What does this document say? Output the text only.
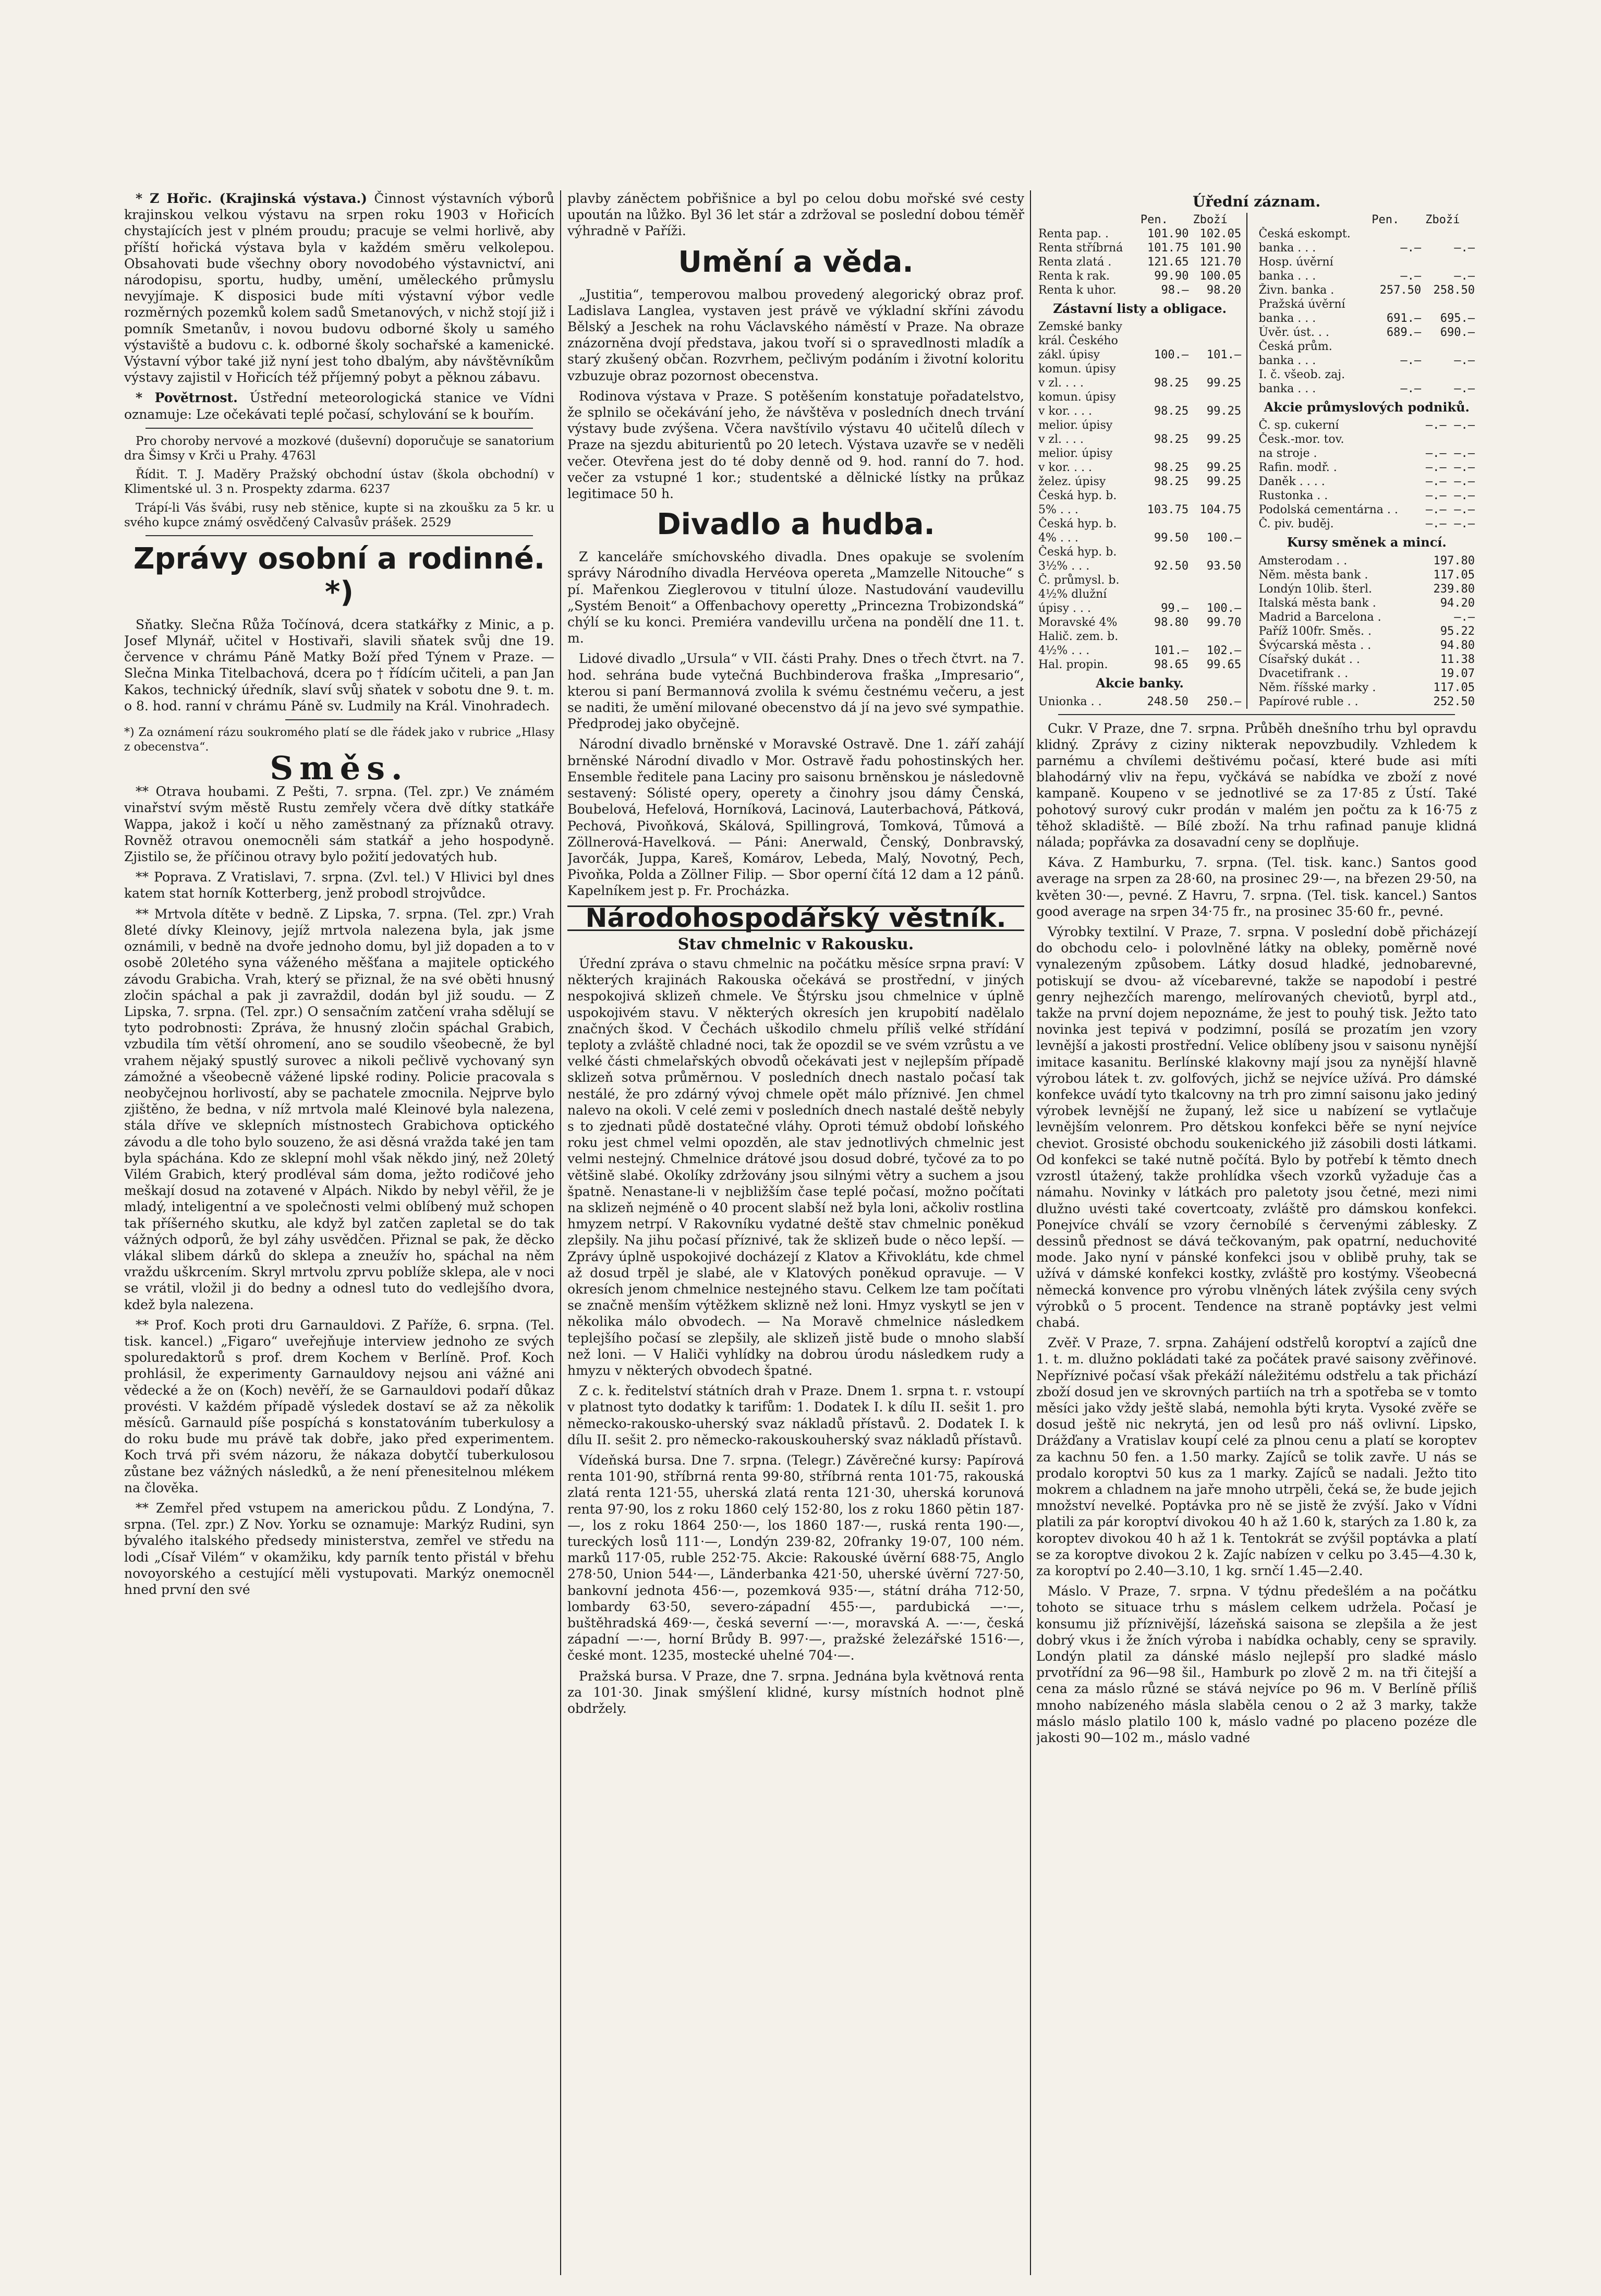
* Z Hořic. (Krajinská výstava.) Činnost výstavních výborů krajinskou velkou výstavu na srpen roku 1903 v Hořicích chystajících jest v plném proudu; pracuje se velmi horlivě, aby příští hořická výstava byla v každém směru velkolepou. Obsahovati bude všechny obory novodobého výstavnictví, ani národopisu, sportu, hudby, umění, uměleckého průmyslu nevyjímaje. K disposici bude míti výstavní výbor vedle rozměrných pozemků kolem sadů Smetanových, v nichž stojí již i pomník Smetanův, i novou budovu odborné školy u samého výstaviště a budovu c. k. odborné školy sochařské a kamenické. Výstavní výbor také již nyní jest toho dbalým, aby návštěvníkům výstavy zajistil v Hořicích též příjemný pobyt a pěknou zábavu.

* Povětrnost. Ústřední meteorologická stanice ve Vídni oznamuje: Lze očekávati teplé počasí, schylování se k bouřím.

Pro choroby nervové a mozkové (duševní) doporučuje se sanatorium dra Šimsy v Krči u Prahy. 4763l

Řídit. T. J. Maděry Pražský obchodní ústav (škola obchodní) v Klimentské ul. 3 n. Prospekty zdarma. 6237

Trápí-li Vás švábi, rusy neb stěnice, kupte si na zkoušku za 5 kr. u svého kupce známý osvědčený Calvasův prášek. 2529

Zprávy osobní a rodinné. *)

Sňatky. Slečna Růža Točínová, dcera statkářky z Minic, a p. Josef Mlynář, učitel v Hostivaři, slavili sňatek svůj dne 19. července v chrámu Páně Matky Boží před Týnem v Praze. — Slečna Minka Titelbachová, dcera po † řídícím učiteli, a pan Jan Kakos, technický úředník, slaví svůj sňatek v sobotu dne 9. t. m. o 8. hod. ranní v chrámu Páně sv. Ludmily na Král. Vinohradech.

*) Za oznámení rázu soukromého platí se dle řádek jako v rubrice „Hlasy z obecenstva“.

Směs.

** Otrava houbami. Z Pešti, 7. srpna. (Tel. zpr.) Ve známém vinařství svým městě Rustu zemřely včera dvě dítky statkáře Wappa, jakož i kočí u něho zaměstnaný za příznaků otravy. Rovněž otravou onemocněli sám statkář a jeho hospodyně. Zjistilo se, že příčinou otravy bylo požití jedovatých hub.

** Poprava. Z Vratislavi, 7. srpna. (Zvl. tel.) V Hlivici byl dnes katem stat horník Kotterberg, jenž probodl strojvůdce.

** Mrtvola dítěte v bedně. Z Lipska, 7. srpna. (Tel. zpr.) Vrah 8leté dívky Kleinovy, jejíž mrtvola nalezena byla, jak jsme oznámili, v bedně na dvoře jednoho domu, byl již dopaden a to v osobě 20letého syna váženého měšťana a majitele optického závodu Grabicha. Vrah, který se přiznal, že na své oběti hnusný zločin spáchal a pak ji zavraždil, dodán byl již soudu. — Z Lipska, 7. srpna. (Tel. zpr.) O sensačním zatčení vraha sdělují se tyto podrobnosti: Zpráva, že hnusný zločin spáchal Grabich, vzbudila tím větší ohromení, ano se soudilo všeobecně, že byl vrahem nějaký spustlý surovec a nikoli pečlivě vychovaný syn zámožné a všeobecně vážené lipské rodiny. Policie pracovala s neobyčejnou horlivostí, aby se pachatele zmocnila. Nejprve bylo zjištěno, že bedna, v níž mrtvola malé Kleinové byla nalezena, stála dříve ve sklepních místnostech Grabichova optického závodu a dle toho bylo souzeno, že asi děsná vražda také jen tam byla spáchána. Kdo ze sklepní mohl však někdo jiný, než 20letý Vilém Grabich, který prodléval sám doma, ježto rodičové jeho meškají dosud na zotavené v Alpách. Nikdo by nebyl věřil, že je mladý, inteligentní a ve společnosti velmi oblíbený muž schopen tak příšerného skutku, ale když byl zatčen zapletal se do tak vážných odporů, že byl záhy usvědčen. Přiznal se pak, že děcko vlákal slibem dárků do sklepa a zneužív ho, spáchal na něm vraždu uškrcením. Skryl mrtvolu zprvu poblíže sklepa, ale v noci se vrátil, vložil ji do bedny a odnesl tuto do vedlejšího dvora, kdež byla nalezena.

** Prof. Koch proti dru Garnauldovi. Z Paříže, 6. srpna. (Tel. tisk. kancel.) „Figaro“ uveřejňuje interview jednoho ze svých spoluredaktorů s prof. drem Kochem v Berlíně. Prof. Koch prohlásil, že experimenty Garnauldovy nejsou ani vážné ani vědecké a že on (Koch) nevěří, že se Garnauldovi podaří důkaz provésti. V každém případě výsledek dostaví se až za několik měsíců. Garnauld píše pospíchá s konstatováním tuberkulosy a do roku bude mu právě tak dobře, jako před experimentem. Koch trvá při svém názoru, že nákaza dobytčí tuberkulosou zůstane bez vážných následků, a že není přenesitelnou mlékem na člověka.

** Zemřel před vstupem na americkou půdu. Z Londýna, 7. srpna. (Tel. zpr.) Z Nov. Yorku se oznamuje: Markýz Rudini, syn bývalého italského předsedy ministerstva, zemřel ve středu na lodi „Císař Vilém“ v okamžiku, kdy parník tento přistál v břehu novoyorského a cestující měli vystupovati. Markýz onemocněl hned první den své

plavby záněctem pobřišnice a byl po celou dobu mořské své cesty upoután na lůžko. Byl 36 let stár a zdržoval se poslední dobou téměř výhradně v Paříži.

Umění a věda.

„Justitia“, temperovou malbou provedený alegorický obraz prof. Ladislava Langlea, vystaven jest právě ve výkladní skříni závodu Bělský a Jeschek na rohu Václavského náměstí v Praze. Na obraze znázorněna dvojí představa, jakou tvoří si o spravedlnosti mladík a starý zkušený občan. Rozvrhem, pečlivým podáním i životní koloritu vzbuzuje obraz pozornost obecenstva.

Rodinova výstava v Praze. S potěšením konstatuje pořadatelstvo, že splnilo se očekávání jeho, že návštěva v posledních dnech trvání výstavy bude zvýšena. Včera navštívilo výstavu 40 učitelů dílech v Praze na sjezdu abiturientů po 20 letech. Výstava uzavře se v neděli večer. Otevřena jest do té doby denně od 9. hod. ranní do 7. hod. večer za vstupné 1 kor.; studentské a dělnické lístky na průkaz legitimace 50 h.

Divadlo a hudba.

Z kanceláře smíchovského divadla. Dnes opakuje se svolením správy Národního divadla Hervéova opereta „Mamzelle Nitouche“ s pí. Mařenkou Zieglerovou v titulní úloze. Nastudování vaudevillu „Systém Benoit“ a Offenbachovy operetty „Princezna Trobizondská“ chýlí se ku konci. Premiéra vandevillu určena na pondělí dne 11. t. m.

Lidové divadlo „Ursula“ v VII. části Prahy. Dnes o třech čtvrt. na 7. hod. sehrána bude vytečná Buchbinderova fraška „Impresario“, kterou si paní Bermannová zvolila k svému čestnému večeru, a jest se naditi, že umění milované obecenstvo dá jí na jevo své sympathie. Předprodej jako obyčejně.

Národní divadlo brněnské v Moravské Ostravě. Dne 1. září zahájí brněnské Národní divadlo v Mor. Ostravě řadu pohostinských her. Ensemble ředitele pana Laciny pro saisonu brněnskou je následovně sestavený: Sólisté opery, operety a činohry jsou dámy Čenská, Boubelová, Hefelová, Horníková, Lacinová, Lauterbachová, Pátková, Pechová, Pivoňková, Skálová, Spillingrová, Tomková, Tůmová a Zöllnerová-Havelková. — Páni: Anerwald, Čenský, Donbravský, Javorčák, Juppa, Kareš, Komárov, Lebeda, Malý, Novotný, Pech, Pivoňka, Polda a Zöllner Filip. — Sbor operní čítá 12 dam a 12 pánů. Kapelníkem jest p. Fr. Procházka.

Národohospodářský věstník.
Stav chmelnic v Rakousku.

Úřední zpráva o stavu chmelnic na počátku měsíce srpna praví: V některých krajinách Rakouska očekává se prostřední, v jiných nespokojivá sklizeň chmele. Ve Štýrsku jsou chmelnice v úplně uspokojivém stavu. V některých okresích jen krupobití nadělalo značných škod. V Čechách uškodilo chmelu příliš velké střídání teploty a zvláště chladné noci, tak že opozdil se ve svém vzrůstu a ve velké části chmelařských obvodů očekávati jest v nejlepším případě sklizeň sotva průměrnou. V posledních dnech nastalo počasí tak nestálé, že pro zdárný vývoj chmele opět málo příznivé. Jen chmel nalevo na okoli. V celé zemi v posledních dnech nastalé deště nebyly s to zjednati půdě dostatečné vláhy. Oproti témuž období loňského roku jest chmel velmi opozděn, ale stav jednotlivých chmelnic jest velmi nestejný. Chmelnice drátové jsou dosud dobré, tyčové za to po většině slabé. Okolíky zdržovány jsou silnými větry a suchem a jsou špatně. Nenastane-li v nejbližším čase teplé počasí, možno počítati na sklizeň nejméně o 40 procent slabší než byla loni, ačkoliv rostlina hmyzem netrpí. V Rakovníku vydatné deště stav chmelnic poněkud zlepšily. Na jihu počasí příznivé, tak že sklizeň bude o něco lepší. — Zprávy úplně uspokojivé docházejí z Klatov a Křivoklátu, kde chmel až dosud trpěl je slabé, ale v Klatových poněkud opravuje. — V okresích jenom chmelnice nestejného stavu. Celkem lze tam počítati se značně menším výtěžkem sklizně než loni. Hmyz vyskytl se jen v několika málo obvodech. — Na Moravě chmelnice následkem teplejšího počasí se zlepšily, ale sklizeň jistě bude o mnoho slabší než loni. — V Haliči vyhlídky na dobrou úrodu následkem rudy a hmyzu v některých obvodech špatné.

Z c. k. ředitelství státních drah v Praze. Dnem 1. srpna t. r. vstoupí v platnost tyto dodatky k tarifům: 1. Dodatek I. k dílu II. sešit 1. pro německo-rakousko-uherský svaz nákladů přístavů. 2. Dodatek I. k dílu II. sešit 2. pro německo-rakouskouherský svaz nákladů přístavů.

Vídeňská bursa. Dne 7. srpna. (Telegr.) Závěrečné kursy: Papírová renta 101·90, stříbrná renta 99·80, stříbrná renta 101·75, rakouská zlatá renta 121·55, uherská zlatá renta 121·30, uherská korunová renta 97·90, los z roku 1860 celý 152·80, los z roku 1860 pětin 187·—, los z roku 1864 250·—, los 1860 187·—, ruská renta 190·—, tureckých losů 111·—, Londýn 239·82, 20franky 19·07, 100 ném. marků 117·05, ruble 252·75. Akcie: Rakouské úvěrní 688·75, Anglo 278·50, Union 544·—, Länderbanka 421·50, uherské úvěrní 727·50, bankovní jednota 456·—, pozemková 935·—, státní dráha 712·50, lombardy 63·50, severo-západní 455·—, pardubická —·—, buštěhradská 469·—, česká severní —·—, moravská A. —·—, česká západní —·—, horní Brůdy B. 997·—, pražské železářské 1516·—, české mont. 1235, mostecké uhelné 704·—.

Pražská bursa. V Praze, dne 7. srpna. Jednána byla květnová renta za 101·30. Jinak smýšlení klidné, kursy místních hodnot plně obdržely.

Úřední záznam.
	Pen.	Zboží
Renta pap. .	101.90	102.05
Renta stříbrná	101.75	101.90
Renta zlatá .	121.65	121.70
Renta k rak.	99.90	100.05
Renta k uhor.	98.—	98.20
Zástavní listy a obligace.
Zemské banky		
král. Českého		
zákl. úpisy	100.—	101.—
komun. úpisy		
v zl. . . .	98.25	99.25
komun. úpisy		
v kor. . . .	98.25	99.25
melior. úpisy		
v zl. . . .	98.25	99.25
melior. úpisy		
v kor. . . .	98.25	99.25
želez. úpisy	98.25	99.25
Česká hyp. b.		
5% . . .	103.75	104.75
Česká hyp. b.		
4% . . .	99.50	100.—
Česká hyp. b.		
3½% . . .	92.50	93.50
Č. průmysl. b.		
4½% dlužní		
úpisy . . .	99.—	100.—
Moravské 4%	98.80	99.70
Halič. zem. b.		
4½% . . .	101.—	102.—
Hal. propin.	98.65	99.65
Akcie banky.
Unionka . .	248.50	250.—
	Pen.	Zboží
Česká eskompt.		
banka . . .	—.—	—.—
Hosp. úvěrní		
banka . . .	—.—	—.—
Živn. banka .	257.50	258.50
Pražská úvěrní		
banka . . .	691.—	695.—
Úvěr. úst. . .	689.—	690.—
Česká prům.		
banka . . .	—.—	—.—
I. č. všeob. zaj.		
banka . . .	—.—	—.—
Akcie průmyslových podniků.
Č. sp. cukerní	—.—	—.—
Česk.-mor. tov.		
na stroje .	—.—	—.—
Rafin. modř. .	—.—	—.—
Daněk . . . .	—.—	—.—
Rustonka . .	—.—	—.—
Podolská cementárna . .	—.—	—.—
Č. piv. buděj.	—.—	—.—
Kursy směnek a mincí.
Amsterodam . .	197.80
Něm. města bank .	117.05
Londýn 10lib. šterl.	239.80
Italská města bank .	94.20
Madrid a Barcelona .	—.—
Paříž 100fr. Směs. .	95.22
Švýcarská města . .	94.80
Císařský dukát . .	11.38
Dvacetifrank . .	19.07
Něm. říšské marky .	117.05
Papírové ruble . .	252.50

Cukr. V Praze, dne 7. srpna. Průběh dnešního trhu byl opravdu klidný. Zprávy z ciziny nikterak nepovzbudily. Vzhledem k parnému a chvílemi deštivému počasí, které bude asi míti blahodárný vliv na řepu, vyčkává se nabídka ve zboží z nové kampaně. Koupeno v se jednotlivé se za 17·85 z Ústí. Také pohotový surový cukr prodán v malém jen počtu za k 16·75 z těhož skladiště. — Bílé zboží. Na trhu rafinad panuje klidná nálada; popřávka za dosavadní ceny se doplňuje.

Káva. Z Hamburku, 7. srpna. (Tel. tisk. kanc.) Santos good average na srpen za 28·60, na prosinec 29·—, na březen 29·50, na květen 30·—, pevné. Z Havru, 7. srpna. (Tel. tisk. kancel.) Santos good average na srpen 34·75 fr., na prosinec 35·60 fr., pevné.

Výrobky textilní. V Praze, 7. srpna. V poslední době přicházejí do obchodu celo- i polovlněné látky na obleky, poměrně nové vynalezeným způsobem. Látky dosud hladké, jednobarevné, potiskují se dvou- až vícebarevné, takže se napodobí i pestré genry nejhezčích marengo, melírovaných cheviotů, byrpl atd., takže na první dojem nepoznáme, že jest to pouhý tisk. Ježto tato novinka jest tepivá v podzimní, posílá se prozatím jen vzory levnější a jakosti prostřední. Velice oblíbeny jsou v saisonu nynější imitace kasanitu. Berlínské klakovny mají jsou za nynější hlavně výrobou látek t. zv. golfových, jichž se nejvíce užívá. Pro dámské konfekce uvádí tyto tkalcovny na trh pro zimní saisonu jako jediný výrobek levnější ne županý, lež sice u nabízení se vytlačuje levnějším velonrem. Pro dětskou konfekci běře se nyní nejvíce cheviot. Grosisté obchodu soukenického již zásobili dosti látkami. Od konfekci se také nutně počítá. Bylo by potřebí k těmto dnech vzrostl útažený, takže prohlídka všech vzorků vyžaduje čas a námahu. Novinky v látkách pro paletoty jsou četné, mezi nimi dlužno uvésti také covertcoaty, zvláště pro dámskou konfekci. Ponejvíce chválí se vzory černobílé s červenými záblesky. Z dessinů přednost se dává tečkovaným, pak opatrní, neduchovité mode. Jako nyní v pánské konfekci jsou v oblibě pruhy, tak se užívá v dámské konfekci kostky, zvláště pro kostýmy. Všeobecná německá konvence pro výrobu vlněných látek zvýšila ceny svých výrobků o 5 procent. Tendence na straně poptávky jest velmi chabá.

Zvěř. V Praze, 7. srpna. Zahájení odstřelů koroptví a zajíců dne 1. t. m. dlužno pokládati také za počátek pravé saisony zvěřinové. Nepříznivé počasí však překáží náležitému odstřelu a tak přichází zboží dosud jen ve skrovných partiích na trh a spotřeba se v tomto měsíci jako vždy ještě slabá, nemohla býti kryta. Vysoké zvěře se dosud ještě nic nekrytá, jen od lesů pro náš ovlivní. Lipsko, Drážďany a Vratislav koupí celé za plnou cenu a platí se koroptev za kachnu 50 fen. a 1.50 marky. Zajíců se tolik zavře. U nás se prodalo koroptvi 50 kus za 1 marky. Zajíců se nadali. Ježto tito mokrem a chladnem na jaře mnoho utrpěli, čeká se, že bude jejich množství nevelké. Poptávka pro ně se jistě že zvýší. Jako v Vídni platili za pár koroptví divokou 40 h až 1.60 k, starých za 1.80 k, za koroptev divokou 40 h až 1 k. Tentokrát se zvýšil poptávka a platí se za koroptve divokou 2 k. Zajíc nabízen v celku po 3.45—4.30 k, za koroptví po 2.40—3.10, 1 kg. srnčí 1.45—2.40.

Máslo. V Praze, 7. srpna. V týdnu předešlém a na počátku tohoto se situace trhu s máslem celkem udržela. Počasí je konsumu již příznivější, lázeňská saisona se zlepšila a že jest dobrý vkus i že žních výroba i nabídka ochably, ceny se spravily. Londýn platil za dánské máslo nejlepší pro sladké máslo prvotřídní za 96—98 šil., Hamburk po zlově 2 m. na tři čitejší a cena za máslo různé se stává nejvíce po 96 m. V Berlíně příliš mnoho nabízeného másla slaběla cenou o 2 až 3 marky, takže máslo máslo platilo 100 k, máslo vadné po placeno pozéze dle jakosti 90—102 m., máslo vadné
